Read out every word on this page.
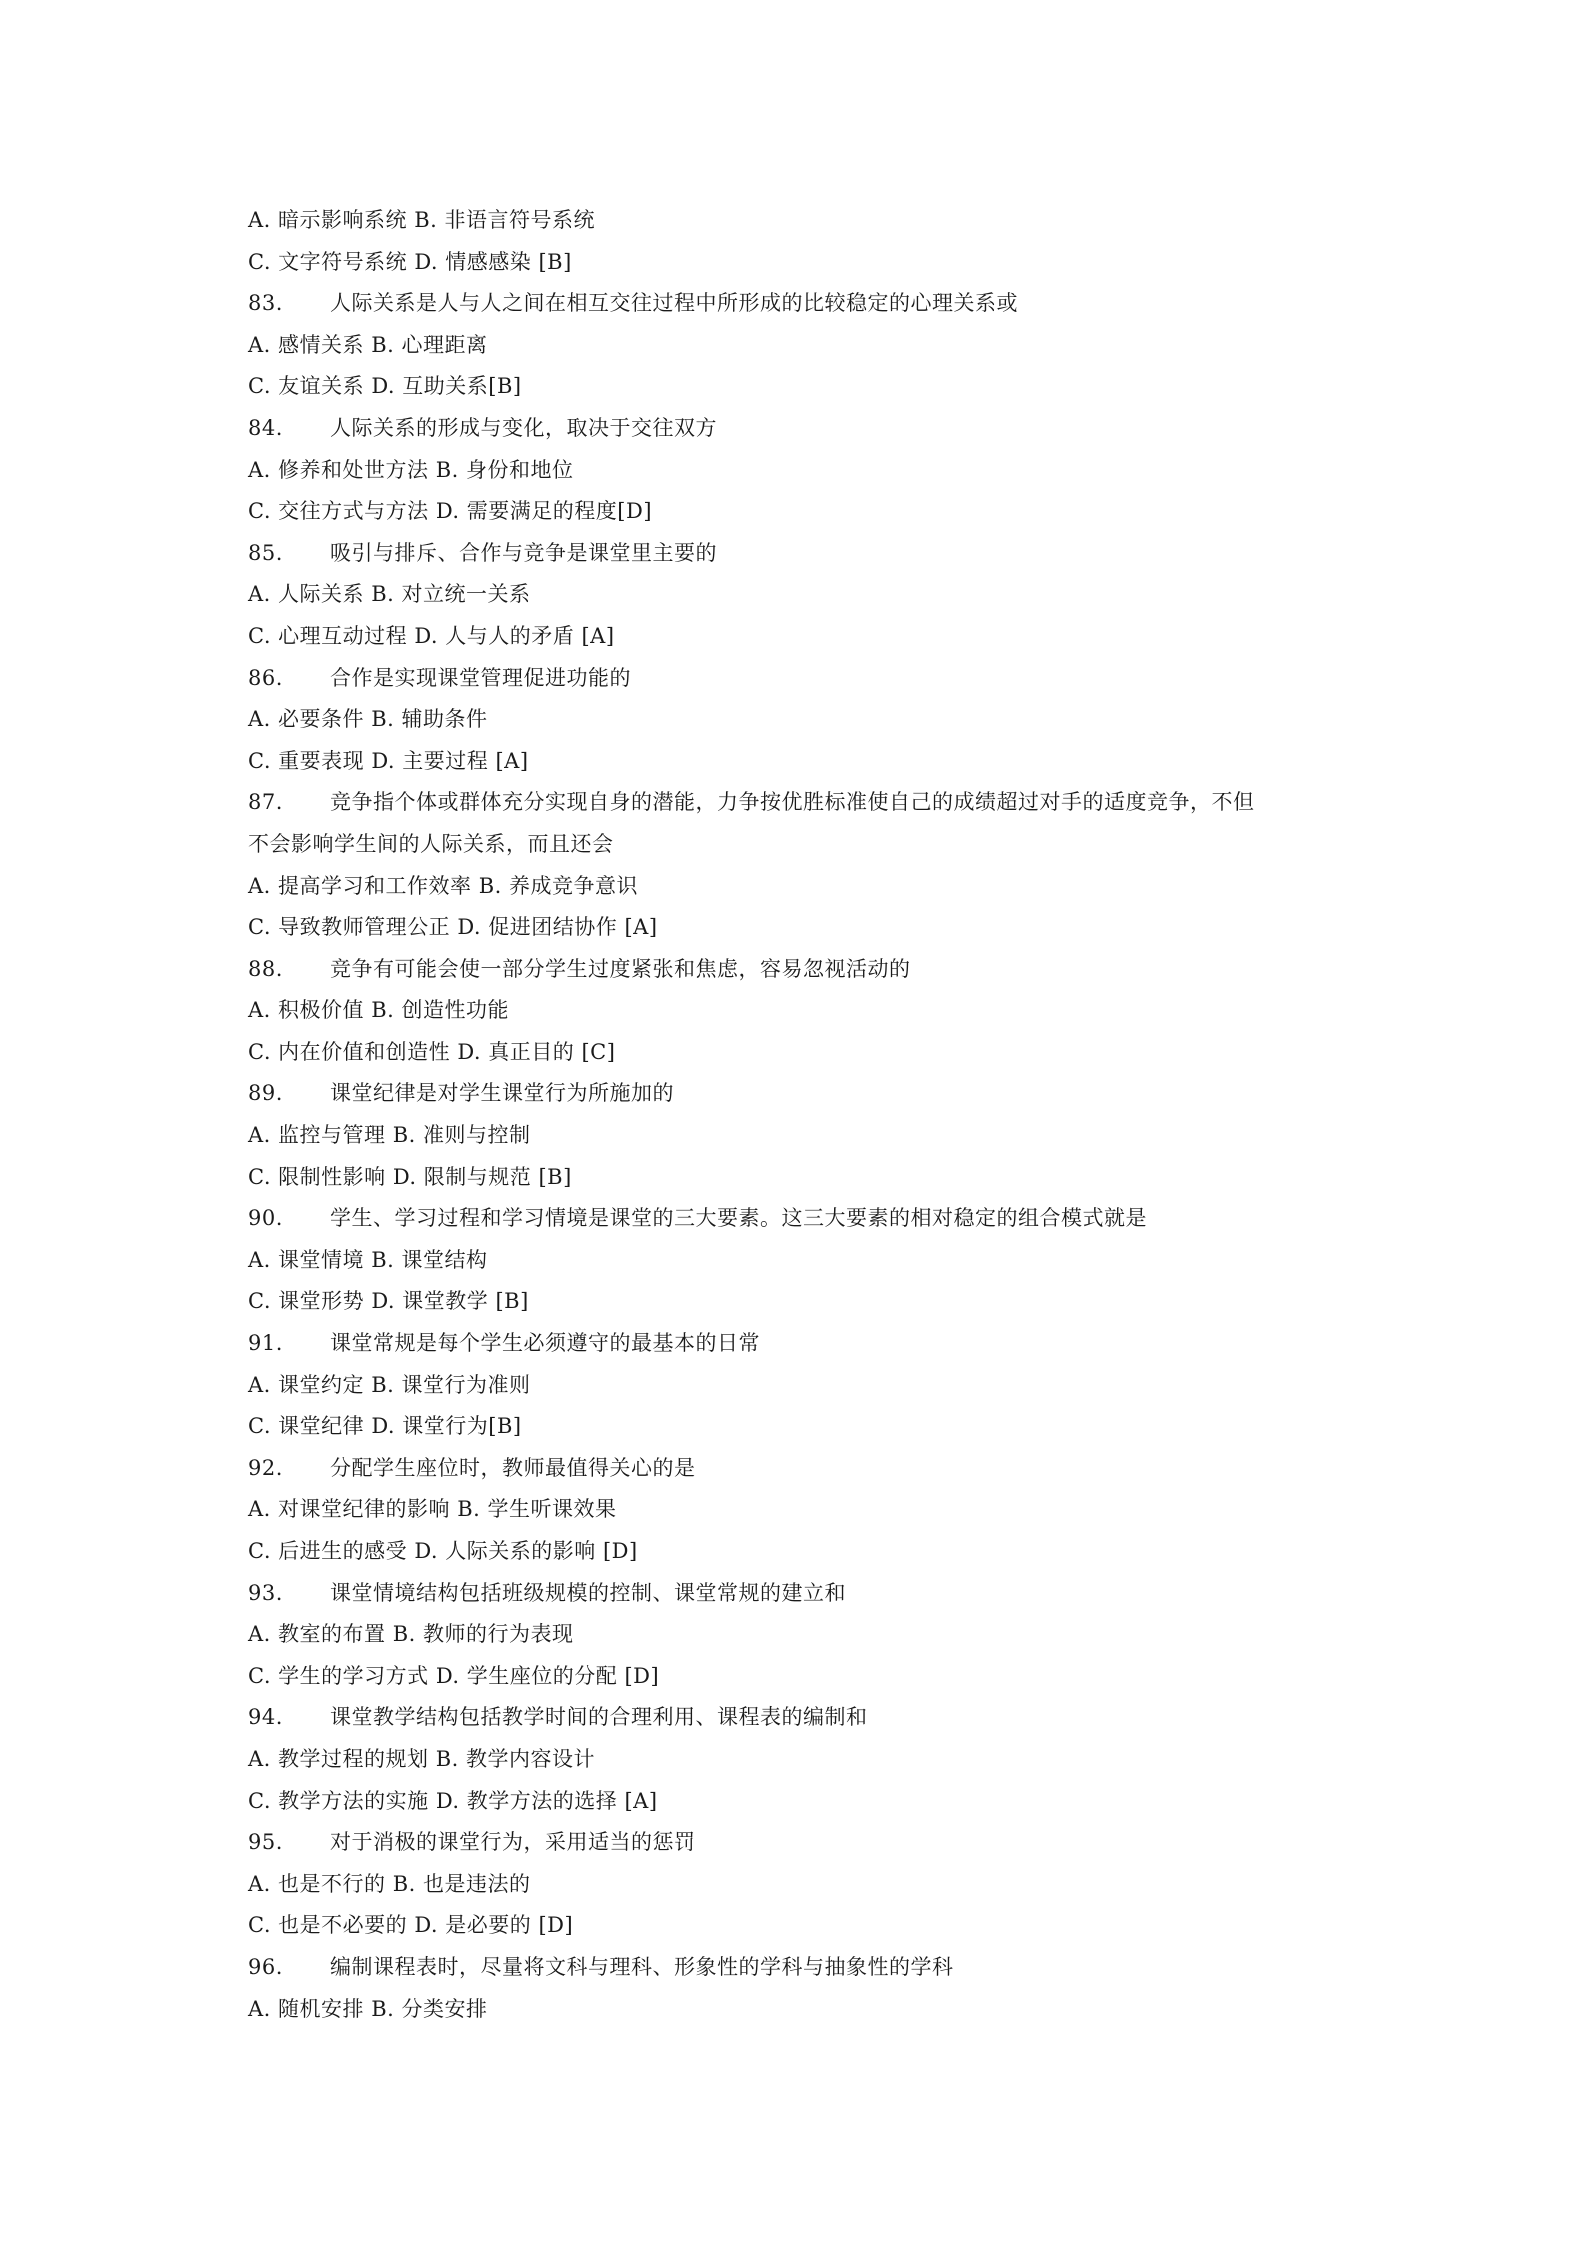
A. 暗示影响系统 B. 非语言符号系统
C. 文字符号系统 D. 情感感染 [B]
83. 人际关系是人与人之间在相互交往过程中所形成的比较稳定的心理关系或
A. 感情关系 B. 心理距离
C. 友谊关系 D. 互助关系[B]
84. 人际关系的形成与变化，取决于交往双方
A. 修养和处世方法 B. 身份和地位
C. 交往方式与方法 D. 需要满足的程度[D]
85. 吸引与排斥、合作与竞争是课堂里主要的
A. 人际关系 B. 对立统一关系
C. 心理互动过程 D. 人与人的矛盾 [A]
86. 合作是实现课堂管理促进功能的
A. 必要条件 B. 辅助条件
C. 重要表现 D. 主要过程 [A]
87. 竞争指个体或群体充分实现自身的潜能，力争按优胜标准使自己的成绩超过对手的适度竞争，不但
不会影响学生间的人际关系，而且还会
A. 提高学习和工作效率 B. 养成竞争意识
C. 导致教师管理公正 D. 促进团结协作 [A]
88. 竞争有可能会使一部分学生过度紧张和焦虑，容易忽视活动的
A. 积极价值 B. 创造性功能
C. 内在价值和创造性 D. 真正目的 [C]
89. 课堂纪律是对学生课堂行为所施加的
A. 监控与管理 B. 准则与控制
C. 限制性影响 D. 限制与规范 [B]
90. 学生、学习过程和学习情境是课堂的三大要素。这三大要素的相对稳定的组合模式就是
A. 课堂情境 B. 课堂结构
C. 课堂形势 D. 课堂教学 [B]
91. 课堂常规是每个学生必须遵守的最基本的日常
A. 课堂约定 B. 课堂行为准则
C. 课堂纪律 D. 课堂行为[B]
92. 分配学生座位时，教师最值得关心的是
A. 对课堂纪律的影响 B. 学生听课效果
C. 后进生的感受 D. 人际关系的影响 [D]
93. 课堂情境结构包括班级规模的控制、课堂常规的建立和
A. 教室的布置 B. 教师的行为表现
C. 学生的学习方式 D. 学生座位的分配 [D]
94. 课堂教学结构包括教学时间的合理利用、课程表的编制和
A. 教学过程的规划 B. 教学内容设计
C. 教学方法的实施 D. 教学方法的选择 [A]
95. 对于消极的课堂行为，采用适当的惩罚
A. 也是不行的 B. 也是违法的
C. 也是不必要的 D. 是必要的 [D]
96. 编制课程表时，尽量将文科与理科、形象性的学科与抽象性的学科
A. 随机安排 B. 分类安排
